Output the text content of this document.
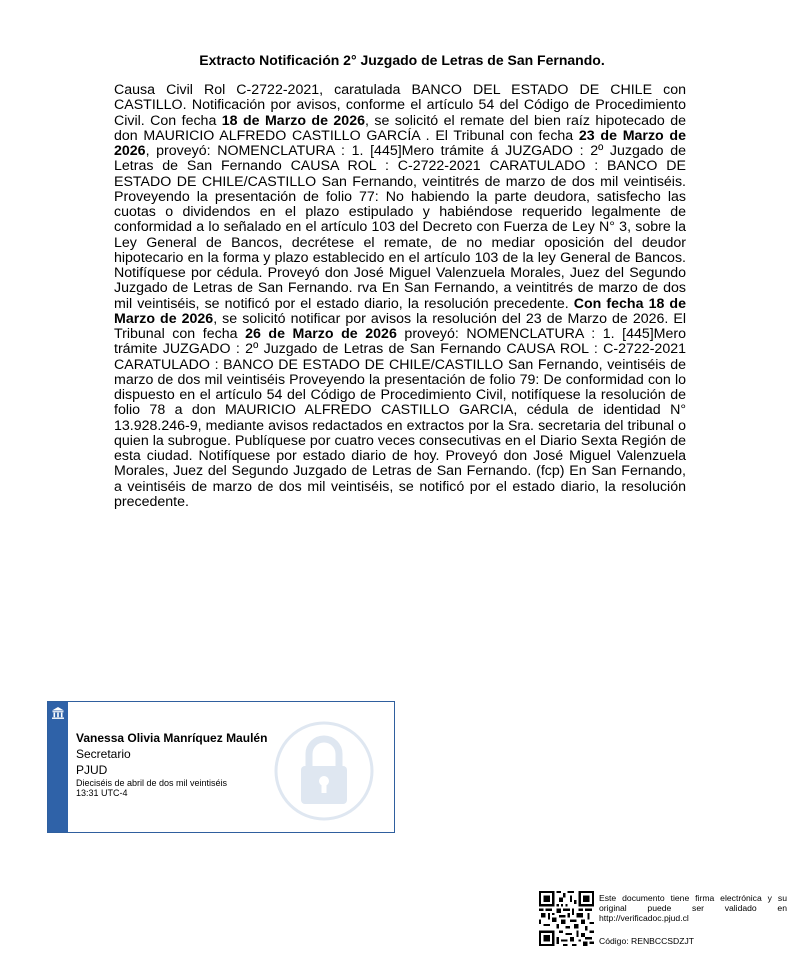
Extracto Notificación 2° Juzgado de Letras de San Fernando.
Causa Civil Rol C-2722-2021, caratulada BANCO DEL ESTADO DE CHILE con CASTILLO. Notificación por avisos, conforme el artículo 54 del Código de Procedimiento Civil. Con fecha 18 de Marzo de 2026, se solicitó el remate del bien raíz hipotecado de don MAURICIO ALFREDO CASTILLO GARCÍA . El Tribunal con fecha 23 de Marzo de 2026, proveyó: NOMENCLATURA : 1. [445]Mero trámite á JUZGADO : 2º Juzgado de Letras de San Fernando CAUSA ROL : C-2722-2021 CARATULADO : BANCO DE ESTADO DE CHILE/CASTILLO San Fernando, veintitrés de marzo de dos mil veintiséis. Proveyendo la presentación de folio 77: No habiendo la parte deudora, satisfecho las cuotas o dividendos en el plazo estipulado y habiéndose requerido legalmente de conformidad a lo señalado en el artículo 103 del Decreto con Fuerza de Ley N° 3, sobre la Ley General de Bancos, decrétese el remate, de no mediar oposición del deudor hipotecario en la forma y plazo establecido en el artículo 103 de la ley General de Bancos. Notifíquese por cédula. Proveyó don José Miguel Valenzuela Morales, Juez del Segundo Juzgado de Letras de San Fernando. rva En San Fernando, a veintitrés de marzo de dos mil veintiséis, se notificó por el estado diario, la resolución precedente. Con fecha 18 de Marzo de 2026, se solicitó notificar por avisos la resolución del 23 de Marzo de 2026. El Tribunal con fecha 26 de Marzo de 2026 proveyó: NOMENCLATURA : 1. [445]Mero trámite JUZGADO : 2º Juzgado de Letras de San Fernando CAUSA ROL : C-2722-2021 CARATULADO : BANCO DE ESTADO DE CHILE/CASTILLO San Fernando, veintiséis de marzo de dos mil veintiséis Proveyendo la presentación de folio 79: De conformidad con lo dispuesto en el artículo 54 del Código de Procedimiento Civil, notifíquese la resolución de folio 78 a don MAURICIO ALFREDO CASTILLO GARCIA, cédula de identidad N° 13.928.246-9, mediante avisos redactados en extractos por la Sra. secretaria del tribunal o quien la subrogue. Publíquese por cuatro veces consecutivas en el Diario Sexta Región de esta ciudad. Notifíquese por estado diario de hoy. Proveyó don José Miguel Valenzuela Morales, Juez del Segundo Juzgado de Letras de San Fernando. (fcp) En San Fernando, a veintiséis de marzo de dos mil veintiséis, se notificó por el estado diario, la resolución precedente.
Vanessa Olivia Manríquez Maulén
Secretario
PJUD
Dieciséis de abril de dos mil veintiséis
13:31 UTC-4
Este documento tiene firma electrónica y su original puede ser validado en http://verificadoc.pjud.cl
Código: RENBCCSDZJT
